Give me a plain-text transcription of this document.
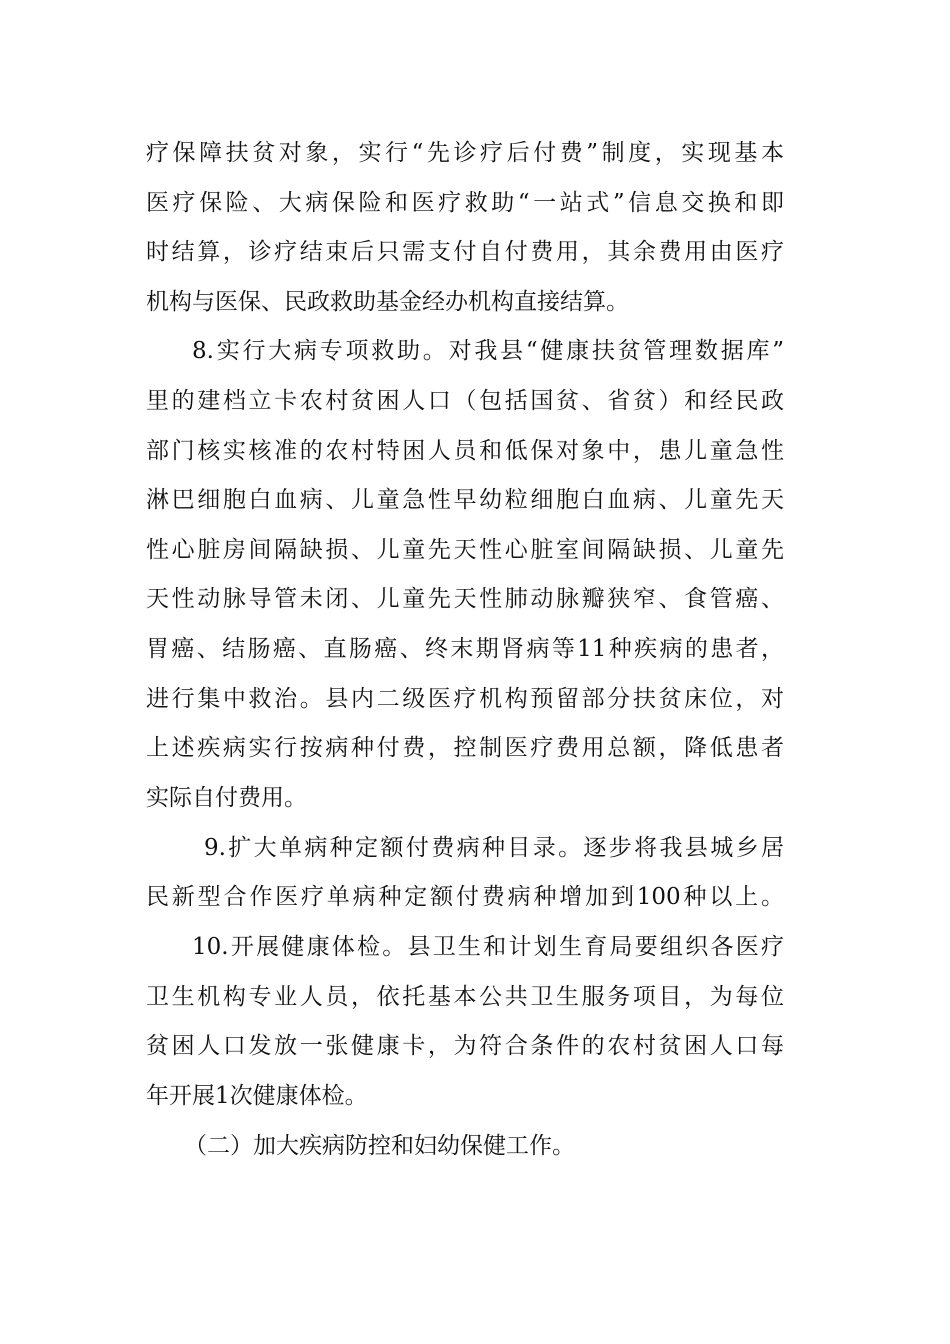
疗保障扶贫对象，实行“先诊疗后付费”制度，实现基本
医疗保险、大病保险和医疗救助“一站式”信息交换和即
时结算，诊疗结束后只需支付自付费用，其余费用由医疗
机构与医保、民政救助基金经办机构直接结算。
8.实行大病专项救助。对我县“健康扶贫管理数据库”
里的建档立卡农村贫困人口（包括国贫、省贫）和经民政
部门核实核准的农村特困人员和低保对象中，患儿童急性
淋巴细胞白血病、儿童急性早幼粒细胞白血病、儿童先天
性心脏房间隔缺损、儿童先天性心脏室间隔缺损、儿童先
天性动脉导管未闭、儿童先天性肺动脉瓣狭窄、食管癌、
胃癌、结肠癌、直肠癌、终末期肾病等11种疾病的患者，
进行集中救治。县内二级医疗机构预留部分扶贫床位，对
上述疾病实行按病种付费，控制医疗费用总额，降低患者
实际自付费用。
9.扩大单病种定额付费病种目录。逐步将我县城乡居
民新型合作医疗单病种定额付费病种增加到100种以上。
10.开展健康体检。县卫生和计划生育局要组织各医疗
卫生机构专业人员，依托基本公共卫生服务项目，为每位
贫困人口发放一张健康卡，为符合条件的农村贫困人口每
年开展1次健康体检。
（二）加大疾病防控和妇幼保健工作。
